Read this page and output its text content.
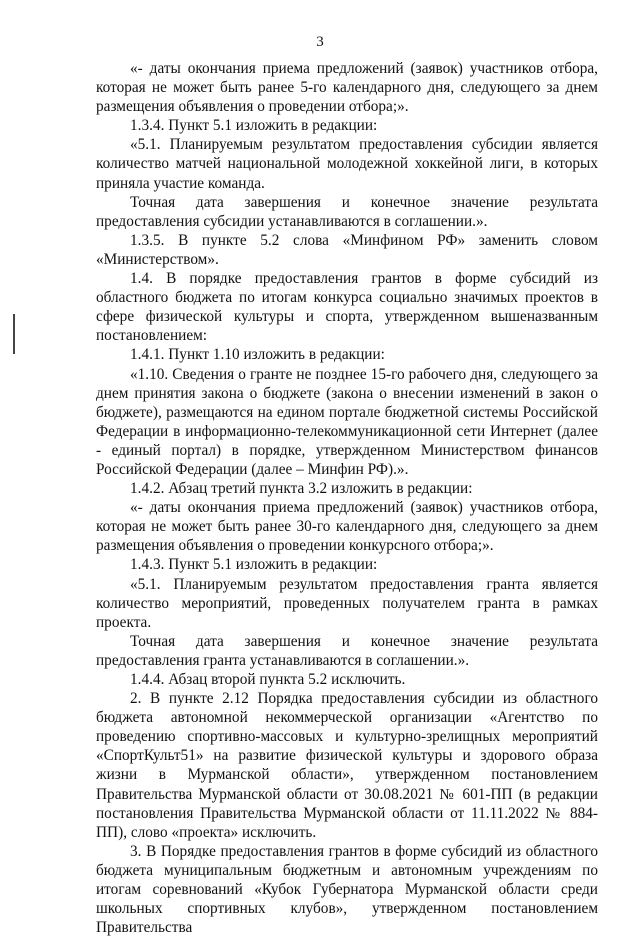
3

«- даты окончания приема предложений (заявок) участников отбора, которая не может быть ранее 5-го календарного дня, следующего за днем размещения объявления о проведении отбора;».

1.3.4. Пункт 5.1 изложить в редакции:

«5.1. Планируемым результатом предоставления субсидии является количество матчей национальной молодежной хоккейной лиги, в которых приняла участие команда.

Точная дата завершения и конечное значение результата предоставления субсидии устанавливаются в соглашении.».

1.3.5. В пункте 5.2 слова «Минфином РФ» заменить словом «Министерством».

1.4. В порядке предоставления грантов в форме субсидий из областного бюджета по итогам конкурса социально значимых проектов в сфере физической культуры и спорта, утвержденном вышеназванным постановлением:

1.4.1. Пункт 1.10 изложить в редакции:

«1.10. Сведения о гранте не позднее 15-го рабочего дня, следующего за днем принятия закона о бюджете (закона о внесении изменений в закон о бюджете), размещаются на едином портале бюджетной системы Российской Федерации в информационно-телекоммуникационной сети Интернет (далее - единый портал) в порядке, утвержденном Министерством финансов Российской Федерации (далее – Минфин РФ).».

1.4.2. Абзац третий пункта 3.2 изложить в редакции:

«- даты окончания приема предложений (заявок) участников отбора, которая не может быть ранее 30-го календарного дня, следующего за днем размещения объявления о проведении конкурсного отбора;».

1.4.3. Пункт 5.1 изложить в редакции:

«5.1. Планируемым результатом предоставления гранта является количество мероприятий, проведенных получателем гранта в рамках проекта.

Точная дата завершения и конечное значение результата предоставления гранта устанавливаются в соглашении.».

1.4.4. Абзац второй пункта 5.2 исключить.

2. В пункте 2.12 Порядка предоставления субсидии из областного бюджета автономной некоммерческой организации «Агентство по проведению спортивно-массовых и культурно-зрелищных мероприятий «СпортКульт51» на развитие физической культуры и здорового образа жизни в Мурманской области», утвержденном постановлением Правительства Мурманской области от 30.08.2021 № 601-ПП (в редакции постановления Правительства Мурманской области от 11.11.2022 № 884-ПП), слово «проекта» исключить.

3. В Порядке предоставления грантов в форме субсидий из областного бюджета муниципальным бюджетным и автономным учреждениям по итогам соревнований «Кубок Губернатора Мурманской области среди школьных спортивных клубов», утвержденном постановлением Правительства
